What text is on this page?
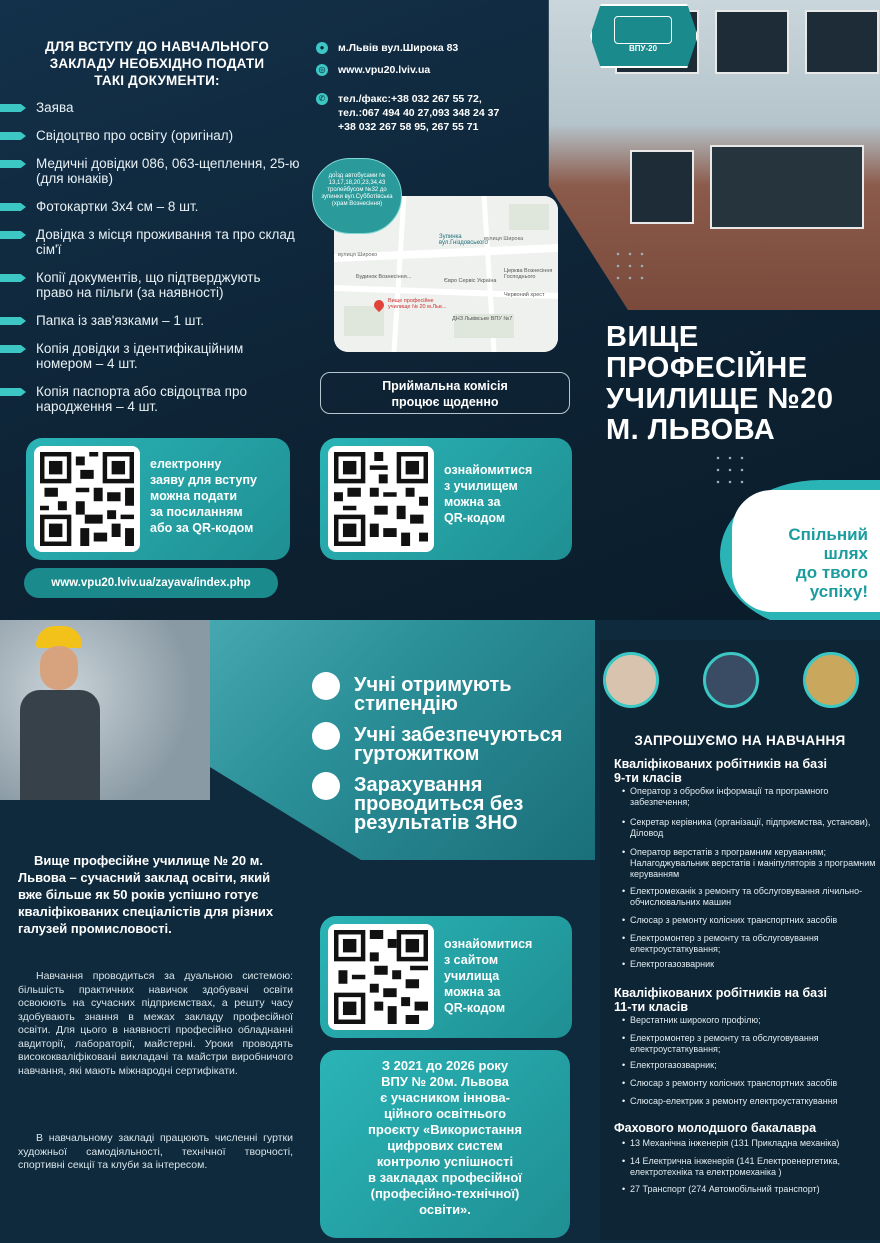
ДЛЯ ВСТУПУ ДО НАВЧАЛЬНОГО
ЗАКЛАДУ НЕОБХІДНО ПОДАТИ
ТАКІ ДОКУМЕНТИ:
Заява
Свідоцтво про освіту (оригінал)
Медичні довідки 086, 063-щеплення, 25-ю (для юнаків)
Фотокартки 3х4 см – 8 шт.
Довідка з місця проживання та про склад сім'ї
Копії документів, що підтверджують право на пільги (за наявності)
Папка із зав'язками – 1 шт.
Копія довідки з ідентифікаційним номером – 4 шт.
Копія паспорта або свідоцтва про народження – 4 шт.
●	м.Львів вул.Широка 83
◎ www.vpu20.lviv.ua
✆ тел./факс:+38 032 267 55 72,
тел.:067 494 40 27,093 348 24 37
+38 032 267 58 95, 267 55 71
Зупинка вул.Гніздовського
вулиця Широко
вулиця Широка
Будинок Вознесіння...
Церква Вознесіння Господнього
Євро Сервіс Україна
Червоний хрест
ДНЗ Львівське ВПУ №7
Вище професійне училище № 20 м.Льв...
доЇзд автобусами № 13,17,18,20,23,34,43 тролейбусом №32 до зупинки вул.Субботівська (храм Вознесіння)
Приймальна комісія
процює щоденно
електронну
заяву для вступу
можна подати
за посиланням
або за QR-кодом
ознайомитися
з училищем
можна за
QR-кодом
www.vpu20.lviv.ua/zayava/index.php
ВПУ-20
ВИЩЕ
ПРОФЕСІЙНЕ
УЧИЛИЩЕ №20
М. ЛЬВОВА
Спільний
шлях
до твого
успіху!
Учні отримують
стипендію
Учні забезпечуються
гуртожитком
Зарахування
проводиться без
результатів ЗНО
Вище професійне училище № 20 м. Львова – сучасний заклад освіти, який вже більше як 50 років успішно готує кваліфікованих спеціалістів для різних галузей промисловості.
Навчання проводиться за дуальною системою: більшість практичних навичок здобувачі освіти освоюють на сучасних підприємствах, а решту часу здобувають знання в межах закладу професійної освіти. Для цього в наявності професійно обладнанні авдиторії, лабораторії, майстерні. Уроки проводять висококваліфіковані викладачі та майстри виробничого навчання, які мають міжнародні сертифікати.
В навчальному закладі працюють численні гуртки художньої самодіяльності, технічної творчості, спортивні секції та клуби за інтересом.
ознайомитися
з сайтом
училища
можна за
QR-кодом
З 2021 до 2026 року
ВПУ № 20м. Львова
є учасником іннова-
ційного освітнього
проєкту «Використання
цифрових систем
контролю успішності
в закладах професійної
(професійно-технічної)
освіти».
ЗАПРОШУЄМО НА НАВЧАННЯ
Кваліфікованих робітників на базі
9-ти класів
• Оператор з обробки інформації та програмного забезпечення;
• Секретар керівника (організації, підприємства, установи), Діловод
• Оператор верстатів з програмним керуванням; Налагоджувальник верстатів і маніпуляторів з програмним керуванням
• Електромеханік з ремонту та обслуговування лічильно-обчислювальних машин
• Слюсар з ремонту колісних транспортних засобів
• Електромонтер з ремонту та обслуговування електроустаткування;
• Електрогазозварник
Кваліфікованих робітників на базі
11-ти класів
• Верстатник широкого профілю;
• Електромонтер з ремонту та обслуговування електроустаткування;
• Електрогазозварник;
• Слюсар з ремонту колісних транспортних засобів
• Слюсар-електрик з ремонту електроустаткування
Фахового молодшого бакалавра
• 13 Механічна інженерія (131 Прикладна механіка)
• 14 Електрична інженерія (141 Електроенергетика, електротехніка та електромеханіка )
• 27 Транспорт (274 Автомобільний транспорт)
